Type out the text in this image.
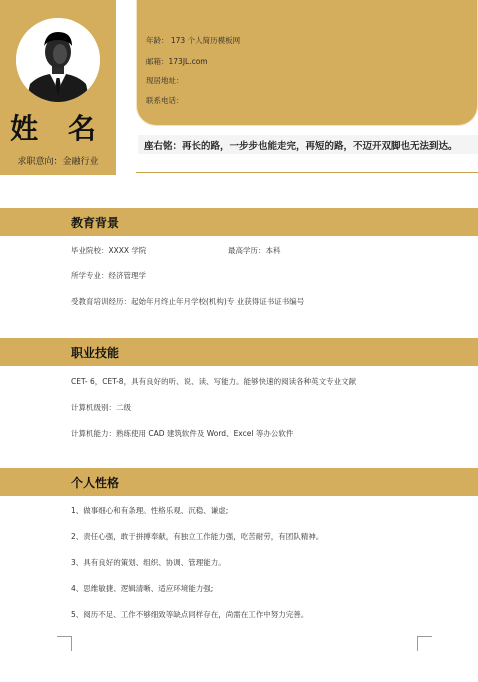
姓 名
求职意向：金融行业
年龄： 173 个人简历模板网
邮箱：173JL.com
现居地址：
联系电话：
座右铭：再长的路，一步步也能走完，再短的路，不迈开双脚也无法到达。
教育背景
毕业院校：XXXX 学院	最高学历：本科
所学专业：经济管理学
受教育培训经历：起始年月终止年月学校(机构)专 业获得证书证书编号
职业技能
CET- 6，CET-8，具有良好的听、说、读、写能力。能够快速的阅读各种英文专业文献
计算机级别：二级
计算机能力：熟练使用 CAD 建筑软件及 Word、Excel 等办公软件
个人性格
1、做事细心和有条理。性格乐观、沉稳、谦虚;
2、责任心强，敢于拼搏奉献，有独立工作能力强，吃苦耐劳，有团队精神。
3、具有良好的策划、组织、协调、管理能力。
4、思维敏捷、逻辑清晰、适应环境能力强;
5、阅历不足、工作不够细致等缺点同样存在，尚需在工作中努力完善。
